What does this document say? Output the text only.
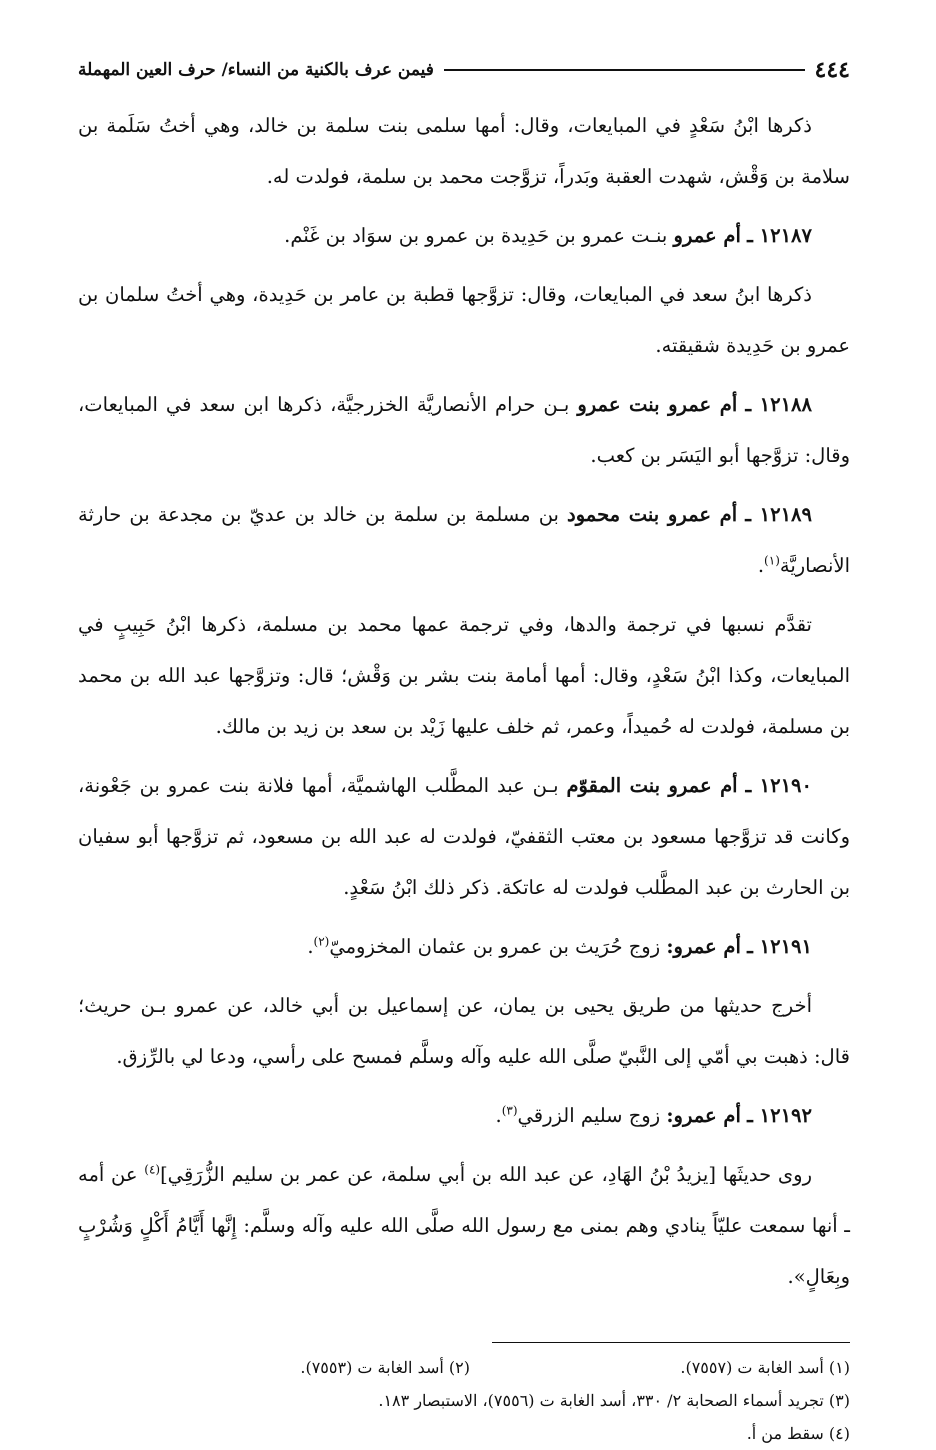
٤٤٤
فيمن عرف بالكنية من النساء/ حرف العين المهملة

ذكرها ابْنُ سَعْدٍ في المبايعات، وقال: أمها سلمى بنت سلمة بن خالد، وهي أختُ سَلَمة بن سلامة بن وَقْش، شهدت العقبة وبَدراً، تزوَّجت محمد بن سلمة، فولدت له.

١٢١٨٧ ـ أم عمرو بنـت عمرو بن حَدِيدة بن عمرو بن سوَاد بن غَنْم.

ذكرها ابنُ سعد في المبايعات، وقال: تزوَّجها قطبة بن عامر بن حَدِيدة، وهي أختُ سلمان بن عمرو بن حَدِيدة شقيقته.

١٢١٨٨ ـ أم عمرو بنت عمرو بـن حرام الأنصاريَّة الخزرجيَّة، ذكرها ابن سعد في المبايعات، وقال: تزوَّجها أبو اليَسَر بن كعب.

١٢١٨٩ ـ أم عمرو بنت محمود بن مسلمة بن سلمة بن خالد بن عديّ بن مجدعة بن حارثة الأنصاريَّة$^{(١)}$.

تقدَّم نسبها في ترجمة والدها، وفي ترجمة عمها محمد بن مسلمة، ذكرها ابْنُ حَبِيبٍ في المبايعات، وكذا ابْنُ سَعْدٍ، وقال: أمها أمامة بنت بشر بن وَقْش؛ قال: وتزوَّجها عبد الله بن محمد بن مسلمة، فولدت له حُميداً، وعمر، ثم خلف عليها زَيْد بن سعد بن زيد بن مالك.

١٢١٩٠ ـ أم عمرو بنت المقوّم بـن عبد المطَّلب الهاشميَّة، أمها فلانة بنت عمرو بن جَعْونة، وكانت قد تزوَّجها مسعود بن معتب الثقفيّ، فولدت له عبد الله بن مسعود، ثم تزوَّجها أبو سفيان بن الحارث بن عبد المطَّلب فولدت له عاتكة. ذكر ذلك ابْنُ سَعْدٍ.

١٢١٩١ ـ أم عمرو: زوج حُرَيث بن عمرو بن عثمان المخزوميّ$^{(٢)}$.

أخرج حديثها من طريق يحيى بن يمان، عن إسماعيل بن أبي خالد، عن عمرو بـن حريث؛ قال: ذهبت بي أمّي إلى النَّبيّ صلَّى الله عليه وآله وسلَّم فمسح على رأسي، ودعا لي بالرِّزق.

١٢١٩٢ ـ أم عمرو: زوج سليم الزرقي$^{(٣)}$.

روى حديثَها [يزيدُ بْنُ الهَادِ، عن عبد الله بن أبي سلمة، عن عمر بن سليم الزُّرَقِي]$^{(٤)}$ عن أمه ـ أنها سمعت عليّاً ينادي وهم بمنى مع رسول الله صلَّى الله عليه وآله وسلَّم: إِنَّها أَيَّامُ أَكْلٍ وَشُرْبٍ وبِعَالٍ».

(١) أسد الغابة ت (٧٥٥٧).
(٢) أسد الغابة ت (٧٥٥٣).
(٣) تجريد أسماء الصحابة ٢/ ٣٣٠، أسد الغابة ت (٧٥٥٦)، الاستبصار ١٨٣.
(٤) سقط من أ.
